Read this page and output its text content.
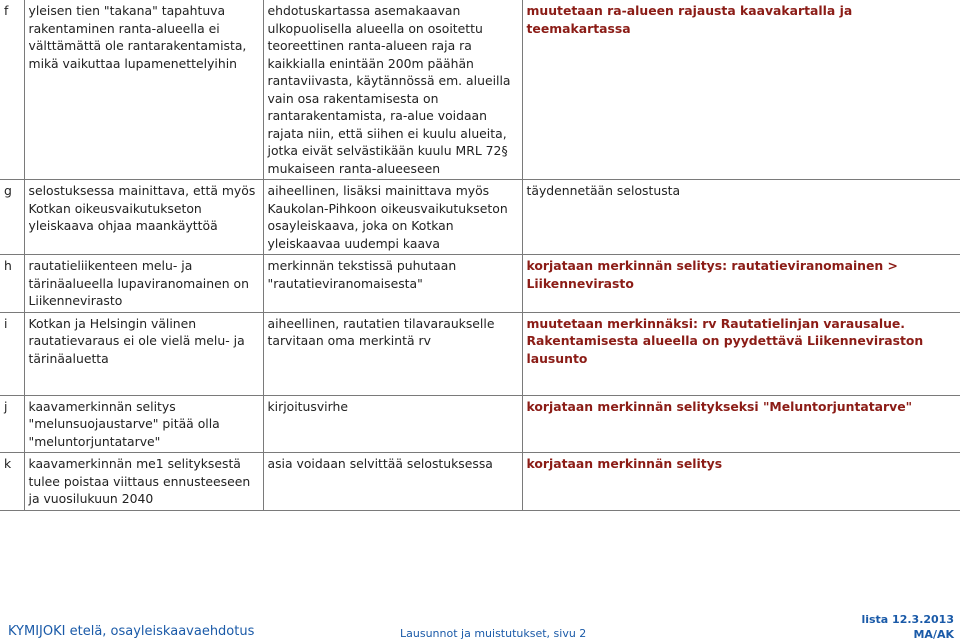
f	yleisen tien "takana" tapahtuva rakentaminen ranta-alueella ei välttämättä ole rantarakentamista, mikä vaikuttaa lupamenettelyihin	ehdotuskartassa asemakaavan ulkopuolisella alueella on osoitettu teoreettinen ranta-alueen raja ra kaikkialla enintään 200m päähän rantaviivasta, käytännössä em. alueilla vain osa rakentamisesta on rantarakentamista, ra-alue voidaan rajata niin, että siihen ei kuulu alueita, jotka eivät selvästikään kuulu MRL 72§ mukaiseen ranta-alueeseen	muutetaan ra-alueen rajausta kaavakartalla ja teemakartassa
g	selostuksessa mainittava, että myös Kotkan oikeusvaikutukseton yleiskaava ohjaa maankäyttöä	aiheellinen, lisäksi mainittava myös Kaukolan-Pihkoon oikeusvaikutukseton osayleiskaava, joka on Kotkan yleiskaavaa uudempi kaava	täydennetään selostusta
h	rautatieliikenteen melu- ja tärinäalueella lupaviranomainen on Liikennevirasto	merkinnän tekstissä puhutaan "rautatieviranomaisesta"	korjataan merkinnän selitys: rautatieviranomainen > Liikennevirasto
i	Kotkan ja Helsingin välinen rautatievaraus ei ole vielä melu- ja tärinäaluetta	aiheellinen, rautatien tilavaraukselle tarvitaan oma merkintä rv	muutetaan merkinnäksi: rv Rautatielinjan varausalue. Rakentamisesta alueella on pyydettävä Liikenneviraston lausunto
j	kaavamerkinnän selitys "melunsuojaustarve" pitää olla "meluntorjuntatarve"	kirjoitusvirhe	korjataan merkinnän selitykseksi "Meluntorjuntatarve"
k	kaavamerkinnän me1 selityksestä tulee poistaa viittaus ennusteeseen ja vuosilukuun 2040	asia voidaan selvittää selostuksessa	korjataan merkinnän selitys
KYMIJOKI etelä, osayleiskaavaehdotus	Lausunnot ja muistutukset, sivu 2
lista 12.3.2013
MA/AK
